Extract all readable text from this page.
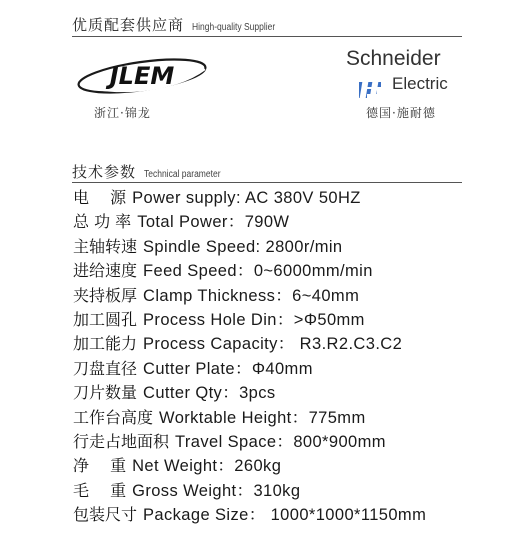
优质配套供应商 Hingh-quality Supplier
JLEM
浙江·锦龙
Schneider
Electric
德国·施耐德
技术参数 Technical parameter
电　 源 Power supply: AC 380V 50HZ
总 功 率 Total Power：790W
主轴转速 Spindle Speed: 2800r/min
进给速度 Feed Speed：0~6000mm/min
夹持板厚 Clamp Thickness：6~40mm
加工圆孔 Process Hole Din：>Φ50mm
加工能力 Process Capacity： R3.R2.C3.C2
刀盘直径 Cutter Plate：Φ40mm
刀片数量 Cutter Qty：3pcs
工作台高度 Worktable Height：775mm
行走占地面积 Travel Space：800*900mm
净　 重 Net Weight：260kg
毛　 重 Gross Weight：310kg
包装尺寸 Package Size： 1000*1000*1150mm
